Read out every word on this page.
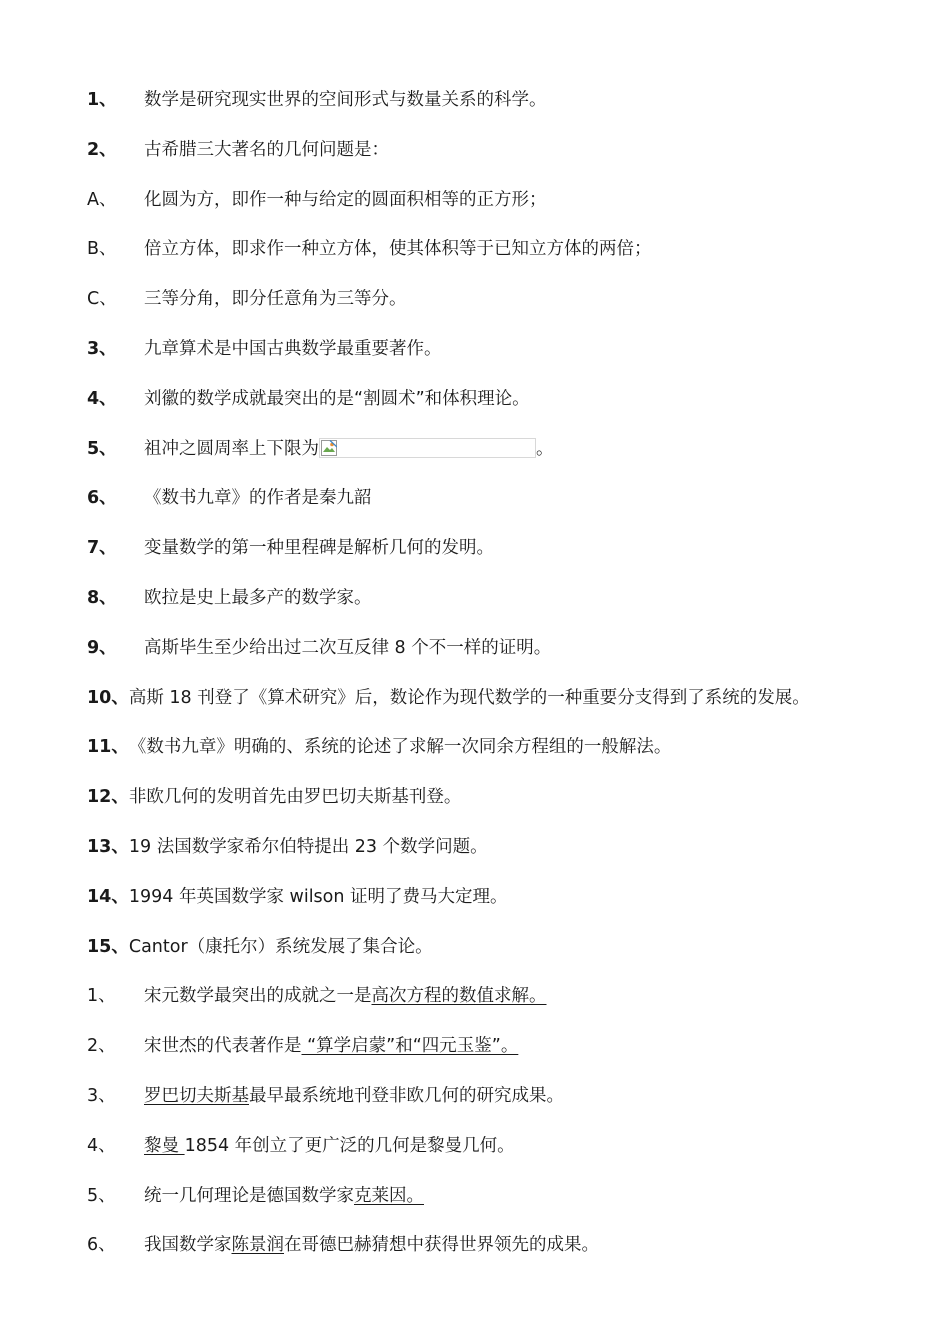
1、 数学是研究现实世界的空间形式与数量关系的科学。
2、 古希腊三大著名的几何问题是：
A、 化圆为方，即作一种与给定的圆面积相等的正方形；
B、 倍立方体，即求作一种立方体，使其体积等于已知立方体的两倍；
C、 三等分角，即分任意角为三等分。
3、 九章算术是中国古典数学最重要著作。
4、 刘徽的数学成就最突出的是“割圆术”和体积理论。
5、 祖冲之圆周率上下限为	。
6、 《数书九章》的作者是秦九韶
7、 变量数学的第一种里程碑是解析几何的发明。
8、 欧拉是史上最多产的数学家。
9、 高斯毕生至少给出过二次互反律 8 个不一样的证明。
10、高斯 18 刊登了《算术研究》后，数论作为现代数学的一种重要分支得到了系统的发展。
11、《数书九章》明确的、系统的论述了求解一次同余方程组的一般解法。
12、非欧几何的发明首先由罗巴切夫斯基刊登。
13、19 法国数学家希尔伯特提出 23 个数学问题。
14、1994 年英国数学家 wilson 证明了费马大定理。
15、Cantor（康托尔）系统发展了集合论。
1、 宋元数学最突出的成就之一是高次方程的数值求解。
2、 宋世杰的代表著作是 “算学启蒙”和“四元玉鉴”。
3、 罗巴切夫斯基最早最系统地刊登非欧几何的研究成果。
4、 黎曼 1854 年创立了更广泛的几何是黎曼几何。
5、 统一几何理论是德国数学家克莱因。
6、 我国数学家陈景润在哥德巴赫猜想中获得世界领先的成果。
